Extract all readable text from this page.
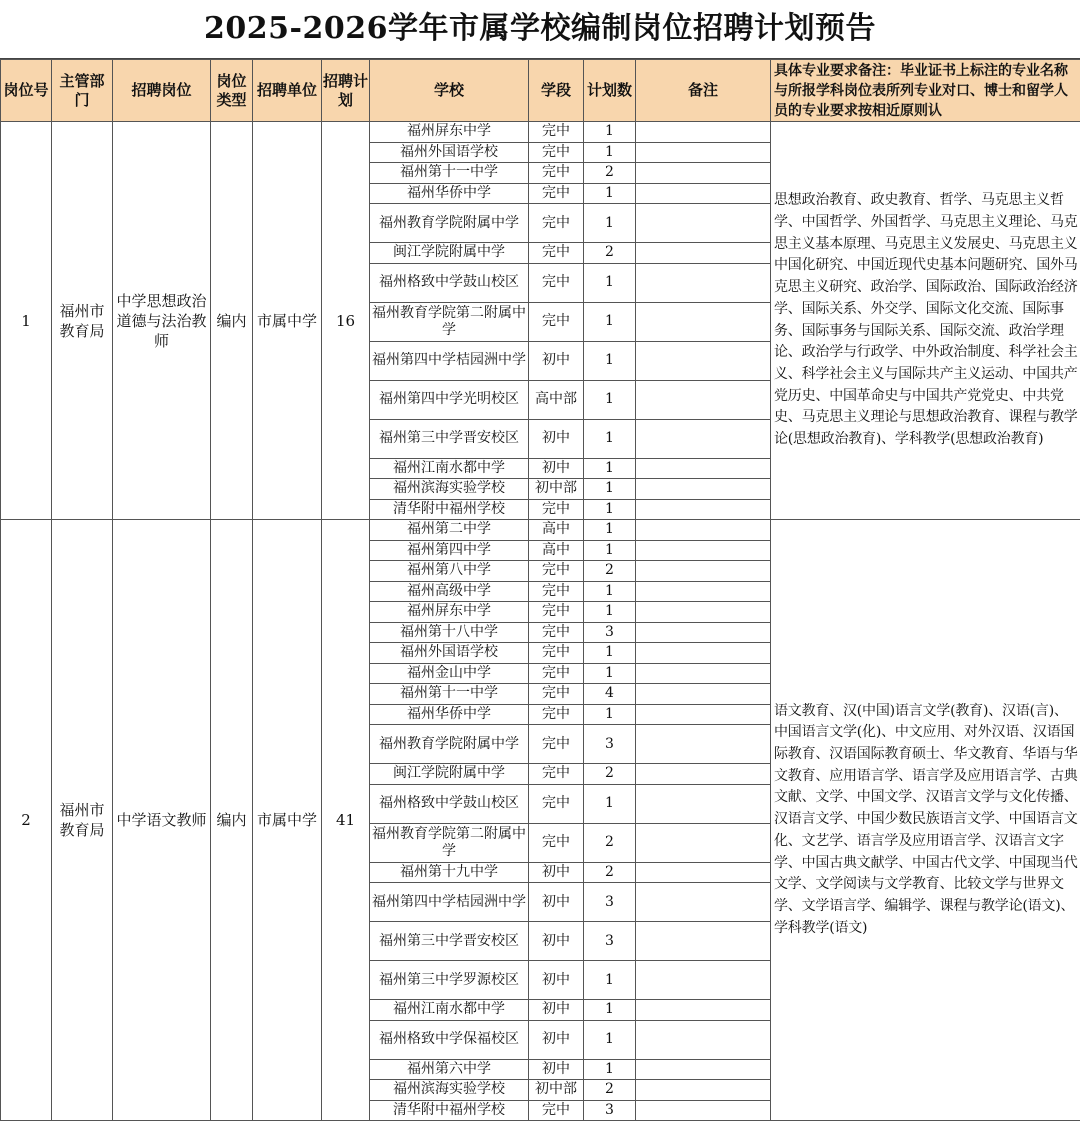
2025-2026学年市属学校编制岗位招聘计划预告
岗位号	主管部门	招聘岗位	岗位类型	招聘单位	招聘计划	学校	学段	计划数	备注	具体专业要求备注：毕业证书上标注的专业名称与所报学科岗位表所列专业对口、博士和留学人员的专业要求按相近原则认
1	福州市教育局	中学思想政治道德与法治教师	编内	市属中学	16	福州屏东中学	完中	1		思想政治教育、政史教育、哲学、马克思主义哲学、中国哲学、外国哲学、马克思主义理论、马克思主义基本原理、马克思主义发展史、马克思主义中国化研究、中国近现代史基本问题研究、国外马克思主义研究、政治学、国际政治、国际政治经济学、国际关系、外交学、国际文化交流、国际事务、国际事务与国际关系、国际交流、政治学理论、政治学与行政学、中外政治制度、科学社会主义、科学社会主义与国际共产主义运动、中国共产党历史、中国革命史与中国共产党党史、中共党史、马克思主义理论与思想政治教育、课程与教学论(思想政治教育)、学科教学(思想政治教育)
						福州外国语学校	完中	1		
						福州第十一中学	完中	2		
						福州华侨中学	完中	1		
						福州教育学院附属中学	完中	1		
						闽江学院附属中学	完中	2		
						福州格致中学鼓山校区	完中	1		
						福州教育学院第二附属中学	完中	1		
						福州第四中学桔园洲中学	初中	1		
						福州第四中学光明校区	高中部	1		
						福州第三中学晋安校区	初中	1		
						福州江南水都中学	初中	1		
						福州滨海实验学校	初中部	1		
						清华附中福州学校	完中	1		
2	福州市教育局	中学语文教师	编内	市属中学	41	福州第二中学	高中	1		语文教育、汉(中国)语言文学(教育)、汉语(言)、中国语言文学(化)、中文应用、对外汉语、汉语国际教育、汉语国际教育硕士、华文教育、华语与华文教育、应用语言学、语言学及应用语言学、古典文献、文学、中国文学、汉语言文学与文化传播、汉语言文学、中国少数民族语言文学、中国语言文化、文艺学、语言学及应用语言学、汉语言文字学、中国古典文献学、中国古代文学、中国现当代文学、文学阅读与文学教育、比较文学与世界文学、文学语言学、编辑学、课程与教学论(语文)、学科教学(语文)
						福州第四中学	高中	1		
						福州第八中学	完中	2		
						福州高级中学	完中	1		
						福州屏东中学	完中	1		
						福州第十八中学	完中	3		
						福州外国语学校	完中	1		
						福州金山中学	完中	1		
						福州第十一中学	完中	4		
						福州华侨中学	完中	1		
						福州教育学院附属中学	完中	3		
						闽江学院附属中学	完中	2		
						福州格致中学鼓山校区	完中	1		
						福州教育学院第二附属中学	完中	2		
						福州第十九中学	初中	2		
						福州第四中学桔园洲中学	初中	3		
						福州第三中学晋安校区	初中	3		
						福州第三中学罗源校区	初中	1		
						福州江南水都中学	初中	1		
						福州格致中学保福校区	初中	1		
						福州第六中学	初中	1		
						福州滨海实验学校	初中部	2		
						清华附中福州学校	完中	3		
